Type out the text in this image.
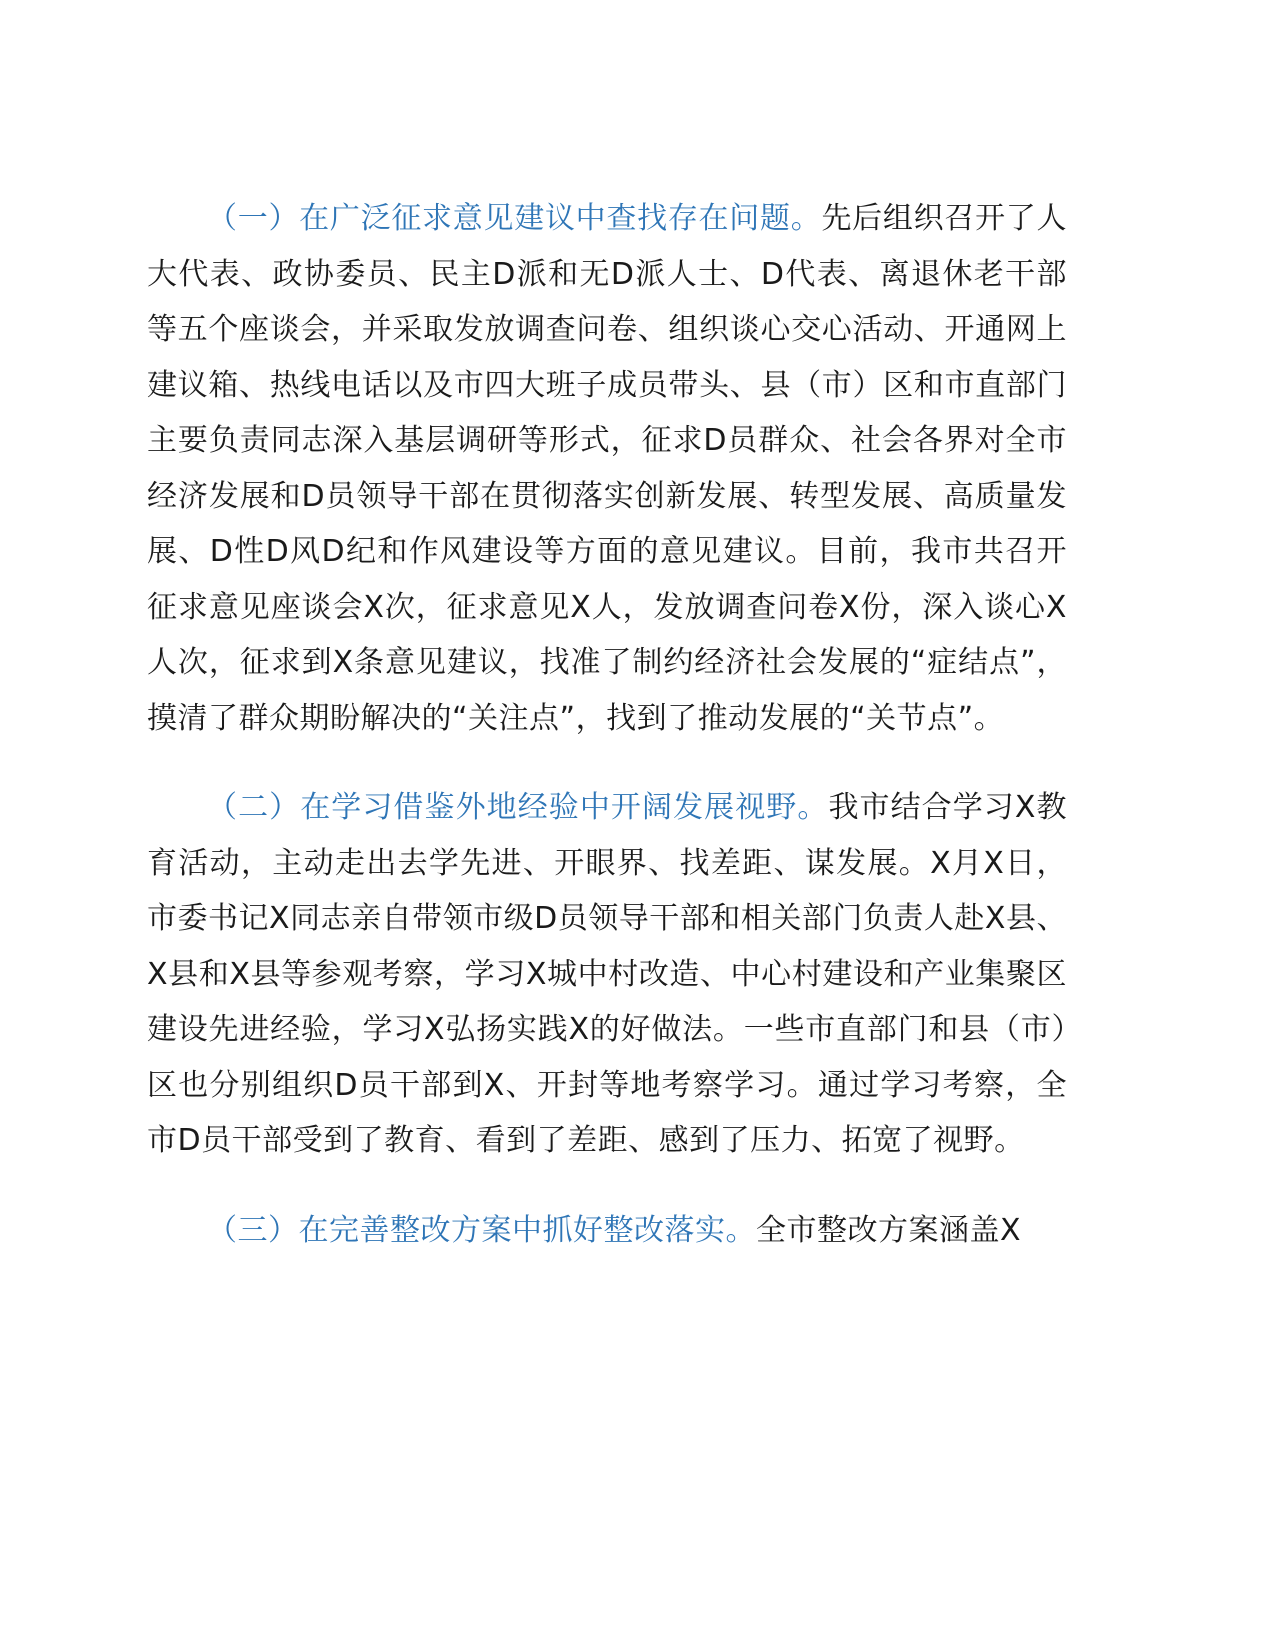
（一）在广泛征求意见建议中查找存在问题。先后组织召开了人大代表、政协委员、民主D派和无D派人士、D代表、离退休老干部等五个座谈会，并采取发放调查问卷、组织谈心交心活动、开通网上建议箱、热线电话以及市四大班子成员带头、县（市）区和市直部门主要负责同志深入基层调研等形式，征求D员群众、社会各界对全市经济发展和D员领导干部在贯彻落实创新发展、转型发展、高质量发展、D性D风D纪和作风建设等方面的意见建议。目前，我市共召开征求意见座谈会X次，征求意见X人，发放调查问卷X份，深入谈心X人次，征求到X条意见建议，找准了制约经济社会发展的“症结点”，摸清了群众期盼解决的“关注点”，找到了推动发展的“关节点”。

（二）在学习借鉴外地经验中开阔发展视野。我市结合学习X教育活动，主动走出去学先进、开眼界、找差距、谋发展。X月X日，市委书记X同志亲自带领市级D员领导干部和相关部门负责人赴X县、X县和X县等参观考察，学习X城中村改造、中心村建设和产业集聚区建设先进经验，学习X弘扬实践X的好做法。一些市直部门和县（市）区也分别组织D员干部到X、开封等地考察学习。通过学习考察，全市D员干部受到了教育、看到了差距、感到了压力、拓宽了视野。

（三）在完善整改方案中抓好整改落实。全市整改方案涵盖X
